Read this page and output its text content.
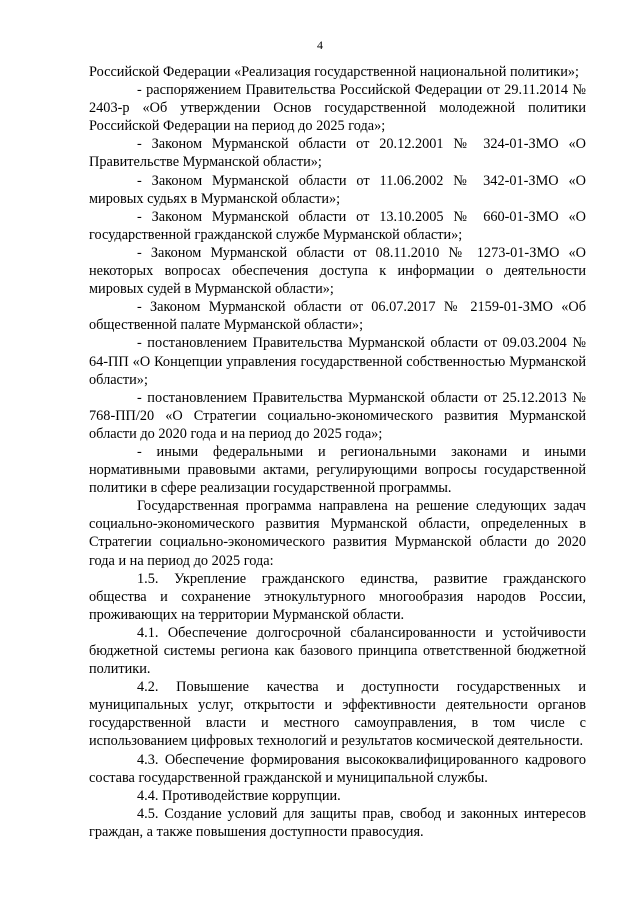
4

Российской Федерации «Реализация государственной национальной политики»;

- распоряжением Правительства Российской Федерации от 29.11.2014 № 2403-р «Об утверждении Основ государственной молодежной политики Российской Федерации на период до 2025 года»;

- Законом Мурманской области от 20.12.2001 № 324-01-ЗМО «О Правительстве Мурманской области»;

- Законом Мурманской области от 11.06.2002 № 342-01-ЗМО «О мировых судьях в Мурманской области»;

- Законом Мурманской области от 13.10.2005 № 660-01-ЗМО «О государственной гражданской службе Мурманской области»;

- Законом Мурманской области от 08.11.2010 № 1273-01-ЗМО «О некоторых вопросах обеспечения доступа к информации о деятельности мировых судей в Мурманской области»;

- Законом Мурманской области от 06.07.2017 № 2159-01-ЗМО «Об общественной палате Мурманской области»;

- постановлением Правительства Мурманской области от 09.03.2004 № 64-ПП «О Концепции управления государственной собственностью Мурманской области»;

- постановлением Правительства Мурманской области от 25.12.2013 № 768-ПП/20 «О Стратегии социально-экономического развития Мурманской области до 2020 года и на период до 2025 года»;

- иными федеральными и региональными законами и иными нормативными правовыми актами, регулирующими вопросы государственной политики в сфере реализации государственной программы.

Государственная программа направлена на решение следующих задач социально-экономического развития Мурманской области, определенных в Стратегии социально-экономического развития Мурманской области до 2020 года и на период до 2025 года:

1.5. Укрепление гражданского единства, развитие гражданского общества и сохранение этнокультурного многообразия народов России, проживающих на территории Мурманской области.

4.1. Обеспечение долгосрочной сбалансированности и устойчивости бюджетной системы региона как базового принципа ответственной бюджетной политики.

4.2. Повышение качества и доступности государственных и муниципальных услуг, открытости и эффективности деятельности органов государственной власти и местного самоуправления, в том числе с использованием цифровых технологий и результатов космической деятельности.

4.3. Обеспечение формирования высококвалифицированного кадрового состава государственной гражданской и муниципальной службы.

4.4. Противодействие коррупции.

4.5. Создание условий для защиты прав, свобод и законных интересов граждан, а также повышения доступности правосудия.
